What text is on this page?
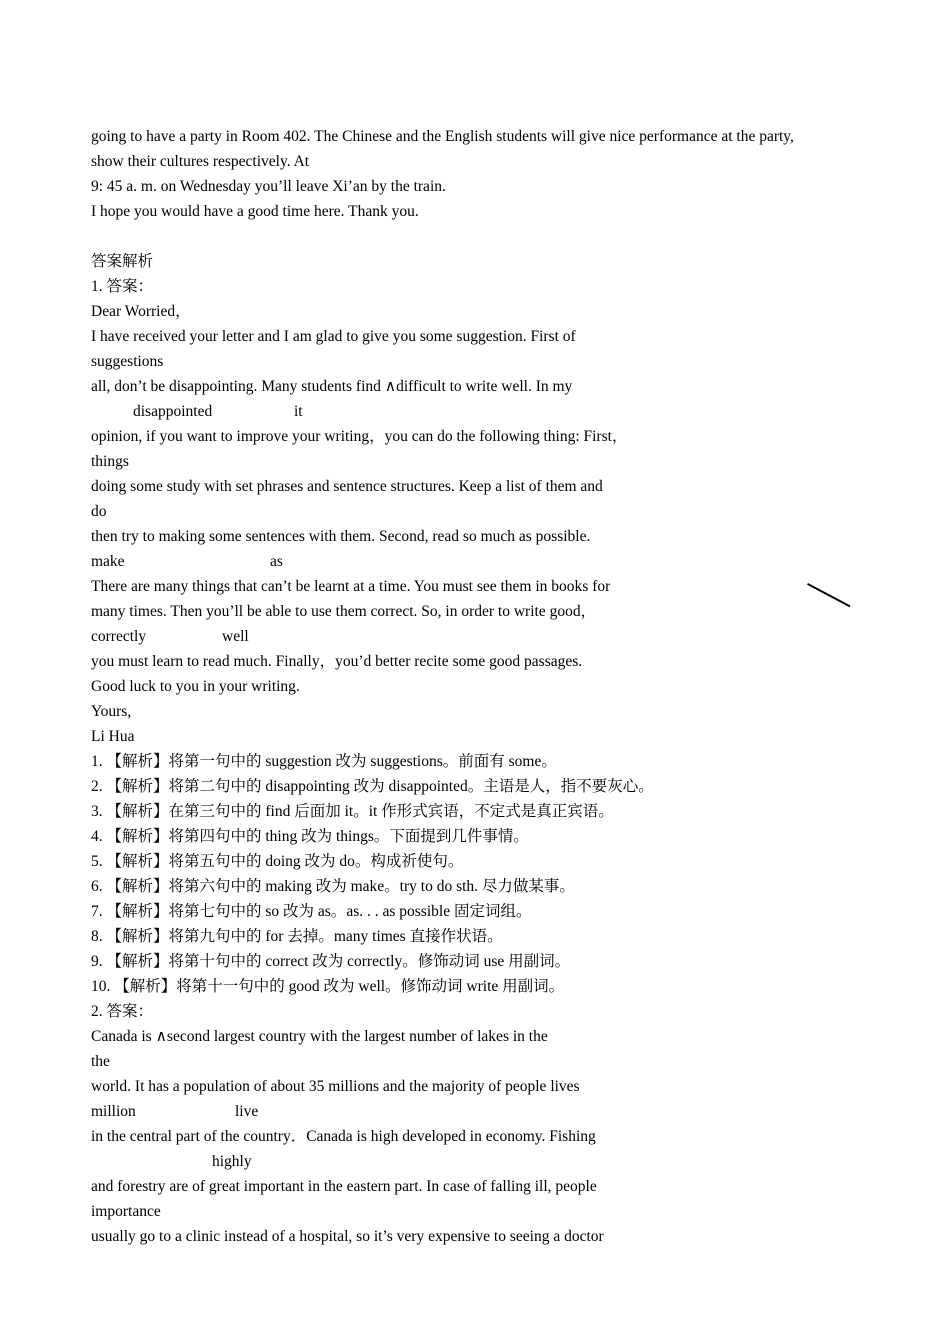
going to have a party in Room 402. The Chinese and the English students will give nice performance at the party,
show their cultures respectively. At
9: 45 a. m. on Wednesday you’ll leave Xi’an by the train.
I hope you would have a good time here. Thank you.
答案解析
1. 答案：
Dear Worried，
I have received your letter and I am glad to give you some suggestion. First of
suggestions
all, don’t be disappointing. Many students find ∧difficult to write well. In my
disappointed	it
opinion, if you want to improve your writing，you can do the following thing: First，
things
doing some study with set phrases and sentence structures. Keep a list of them and
do
then try to making some sentences with them. Second, read so much as possible.
make	as
There are many things that can’t be learnt at a time. You must see them in books for
many times. Then you’ll be able to use them correct. So, in order to write good，
correctly	well
you must learn to read much. Finally，you’d better recite some good passages.
Good luck to you in your writing.
Yours,
Li Hua
1. 【解析】将第一句中的 suggestion 改为 suggestions。前面有 some。
2. 【解析】将第二句中的 disappointing 改为 disappointed。主语是人，指不要灰心。
3. 【解析】在第三句中的 find 后面加 it。it 作形式宾语，不定式是真正宾语。
4. 【解析】将第四句中的 thing 改为 things。下面提到几件事情。
5. 【解析】将第五句中的 doing 改为 do。构成祈使句。
6. 【解析】将第六句中的 making 改为 make。try to do sth. 尽力做某事。
7. 【解析】将第七句中的 so 改为 as。as. . . as possible 固定词组。
8. 【解析】将第九句中的 for 去掉。many times 直接作状语。
9. 【解析】将第十句中的 correct 改为 correctly。修饰动词 use 用副词。
10. 【解析】将第十一句中的 good 改为 well。修饰动词 write 用副词。
2. 答案：
Canada is ∧second largest country with the largest number of lakes in the
the
world. It has a population of about 35 millions and the majority of people lives
million	live
in the central part of the country．Canada is high developed in economy. Fishing
highly
and forestry are of great important in the eastern part. In case of falling ill, people
importance
usually go to a clinic instead of a hospital, so it’s very expensive to seeing a doctor
